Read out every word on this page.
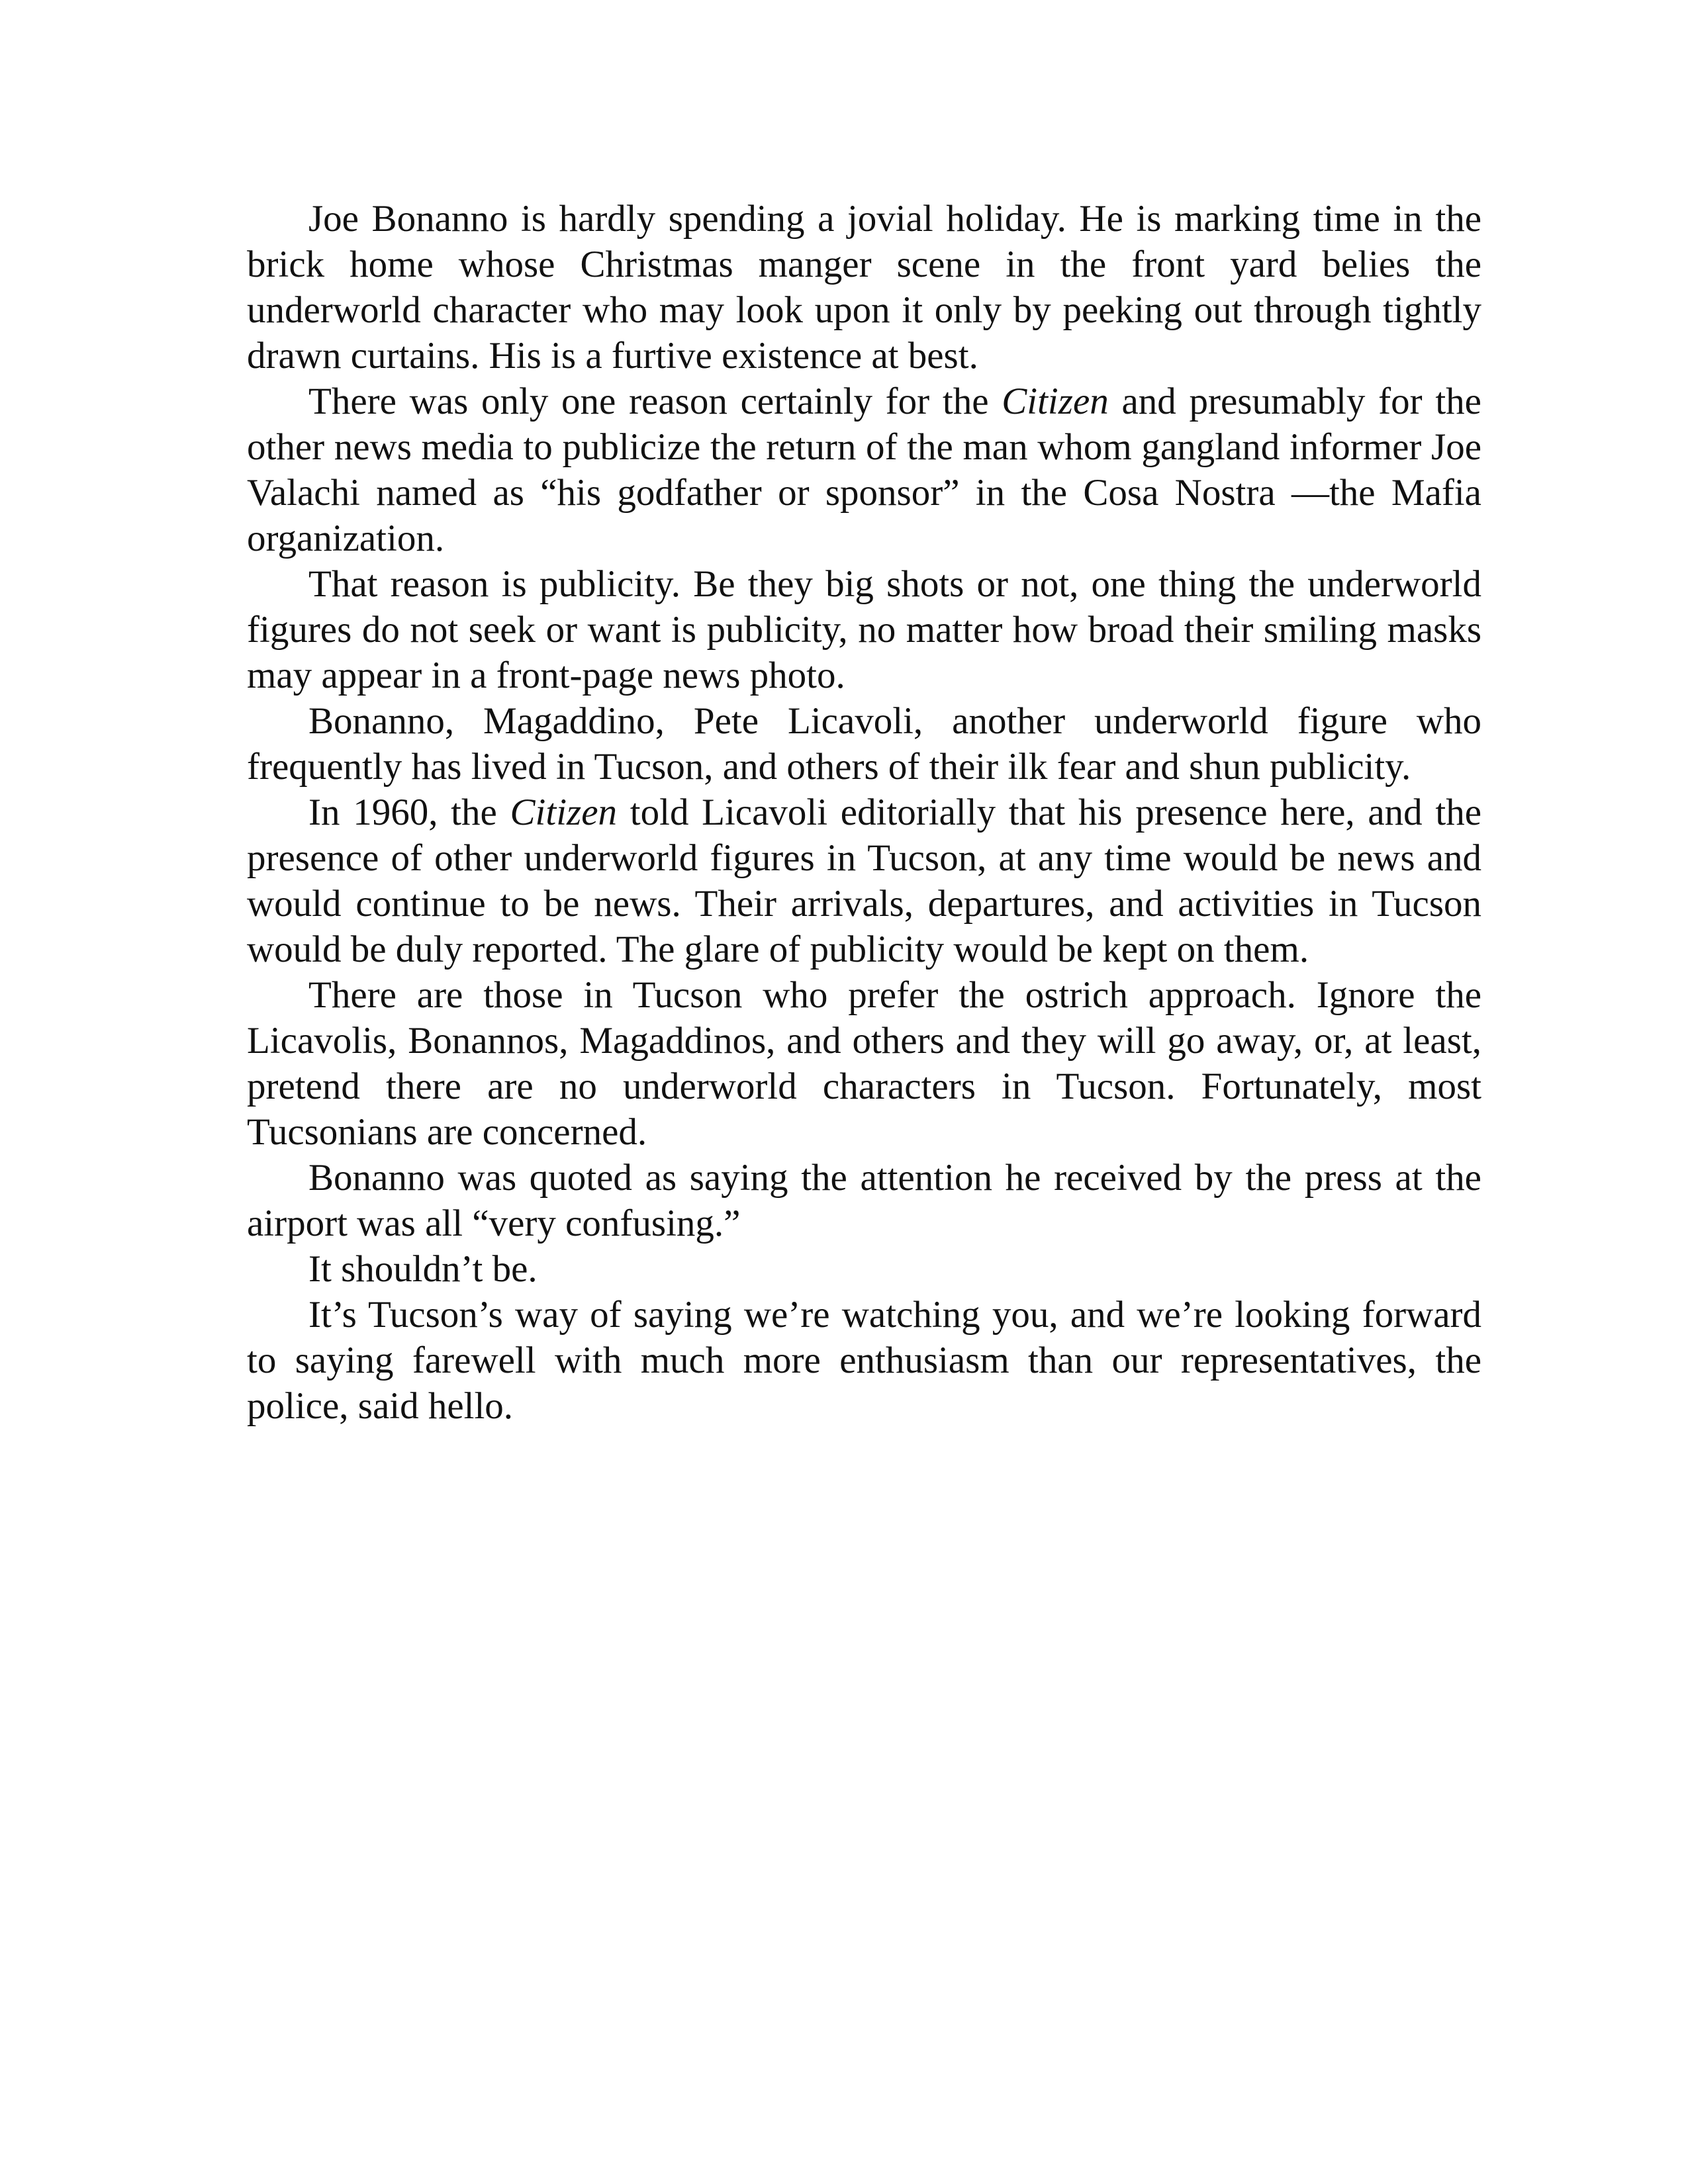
Joe Bonanno is hardly spending a jovial holiday. He is marking time in the brick home whose Christmas manger scene in the front yard belies the underworld character who may look upon it only by peeking out through tightly drawn curtains. His is a furtive existence at best.

There was only one reason certainly for the Citizen and presumably for the other news media to publicize the return of the man whom gangland informer Joe Valachi named as “his godfather or sponsor” in the Cosa Nostra —the Mafia organization.

That reason is publicity. Be they big shots or not, one thing the underworld figures do not seek or want is publicity, no matter how broad their smiling masks may appear in a front-page news photo.

Bonanno, Magaddino, Pete Licavoli, another underworld figure who frequently has lived in Tucson, and others of their ilk fear and shun publicity.

In 1960, the Citizen told Licavoli editorially that his presence here, and the presence of other underworld figures in Tucson, at any time would be news and would continue to be news. Their arrivals, departures, and activities in Tucson would be duly reported. The glare of publicity would be kept on them.

There are those in Tucson who prefer the ostrich approach. Ignore the Licavolis, Bonannos, Magaddinos, and others and they will go away, or, at least, pretend there are no underworld characters in Tucson. Fortunately, most Tucsonians are concerned.

Bonanno was quoted as saying the attention he received by the press at the airport was all “very confusing.”

It shouldn’t be.

It’s Tucson’s way of saying we’re watching you, and we’re looking forward to saying farewell with much more enthusiasm than our representatives, the police, said hello.
